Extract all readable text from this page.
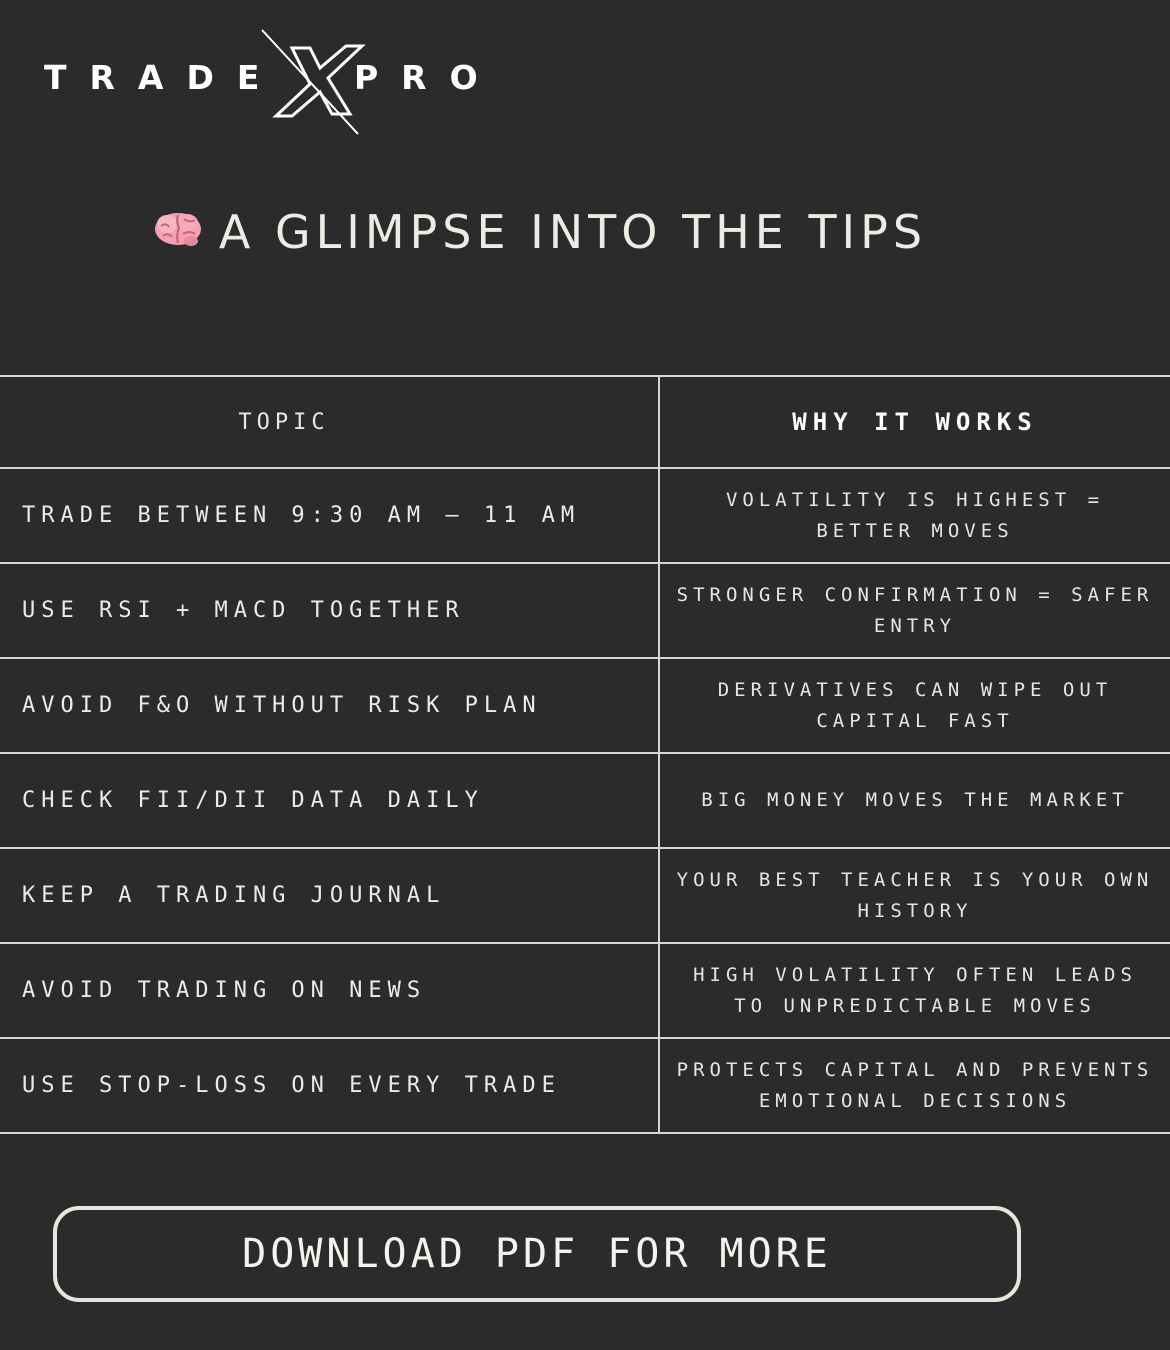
TRADE PRO
A GLIMPSE INTO THE TIPS
TOPIC	WHY IT WORKS
TRADE BETWEEN 9:30 AM – 11 AM	VOLATILITY IS HIGHEST = BETTER MOVES
USE RSI + MACD TOGETHER	STRONGER CONFIRMATION = SAFER ENTRY
AVOID F&O WITHOUT RISK PLAN	DERIVATIVES CAN WIPE OUT CAPITAL FAST
CHECK FII/DII DATA DAILY	BIG MONEY MOVES THE MARKET
KEEP A TRADING JOURNAL	YOUR BEST TEACHER IS YOUR OWN HISTORY
AVOID TRADING ON NEWS	HIGH VOLATILITY OFTEN LEADS TO UNPREDICTABLE MOVES
USE STOP-LOSS ON EVERY TRADE	PROTECTS CAPITAL AND PREVENTS EMOTIONAL DECISIONS
DOWNLOAD PDF FOR MORE
